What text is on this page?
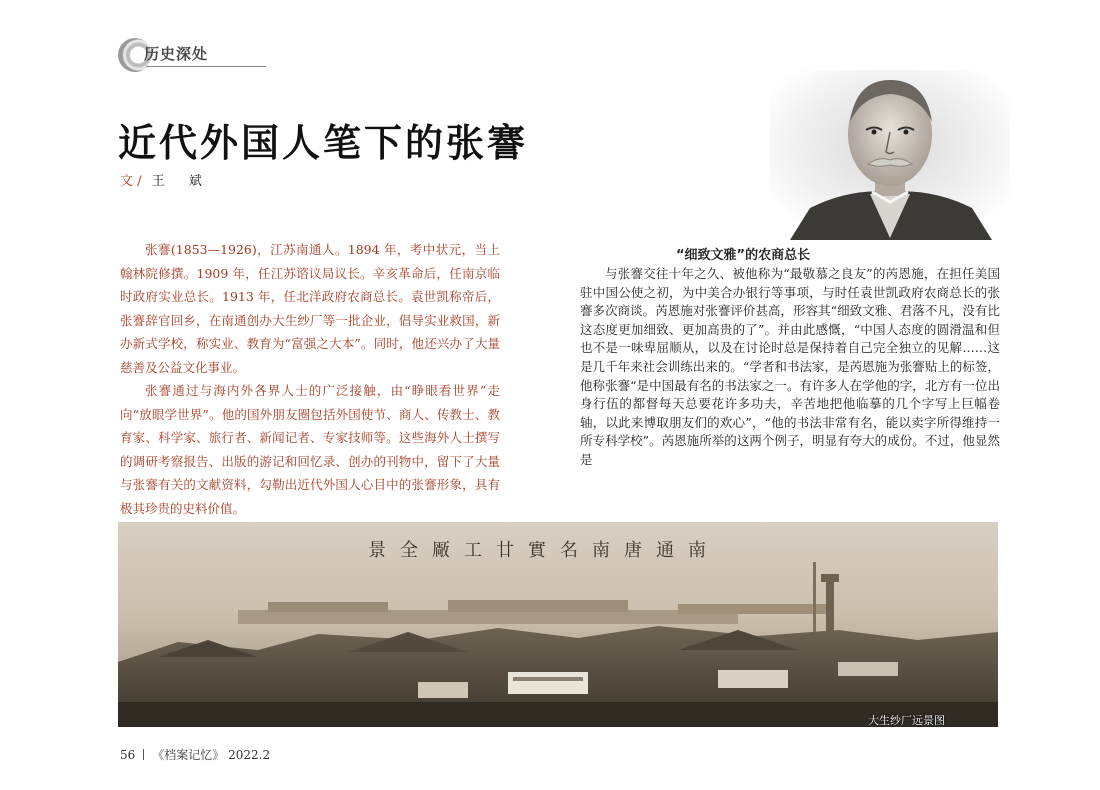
历史深处
近代外国人笔下的张謇
文 / 王 斌

张謇(1853—1926)，江苏南通人。1894 年，考中状元，当上翰林院修撰。1909 年，任江苏谘议局议长。辛亥革命后，任南京临时政府实业总长。1913 年，任北洋政府农商总长。袁世凯称帝后，张謇辞官回乡，在南通创办大生纱厂等一批企业，倡导实业救国，新办新式学校，称实业、教育为“富强之大本”。同时，他还兴办了大量慈善及公益文化事业。

张謇通过与海内外各界人士的广泛接触，由“睁眼看世界”走向“放眼学世界”。他的国外朋友圈包括外国使节、商人、传教士、教育家、科学家、旅行者、新闻记者、专家技师等。这些海外人士撰写的调研考察报告、出版的游记和回忆录、创办的刊物中，留下了大量与张謇有关的文献资料，勾勒出近代外国人心目中的张謇形象，具有极其珍贵的史料价值。

“细致文雅”的农商总长

与张謇交往十年之久、被他称为“最敬慕之良友”的芮恩施，在担任美国驻中国公使之初，为中美合办银行等事项，与时任袁世凯政府农商总长的张謇多次商谈。芮恩施对张謇评价甚高，形容其“细致文雅、君落不凡，没有比这态度更加细致、更加高贵的了”。并由此感慨，“中国人态度的圆滑温和但也不是一味卑屈顺从，以及在讨论时总是保持着自己完全独立的见解……这是几千年来社会训练出来的。“学者和书法家，是芮恩施为张謇贴上的标签，他称张謇“是中国最有名的书法家之一。有许多人在学他的字，北方有一位出身行伍的都督每天总要花许多功夫，辛苦地把他临摹的几个字写上巨幅卷轴，以此来博取朋友们的欢心”，“他的书法非常有名，能以卖字所得维持一所专科学校”。芮恩施所举的这两个例子，明显有夸大的成份。不过，他显然是

景全厰工廿實名南唐通南
大生纱厂远景图
56 《档案记忆》 2022.2
